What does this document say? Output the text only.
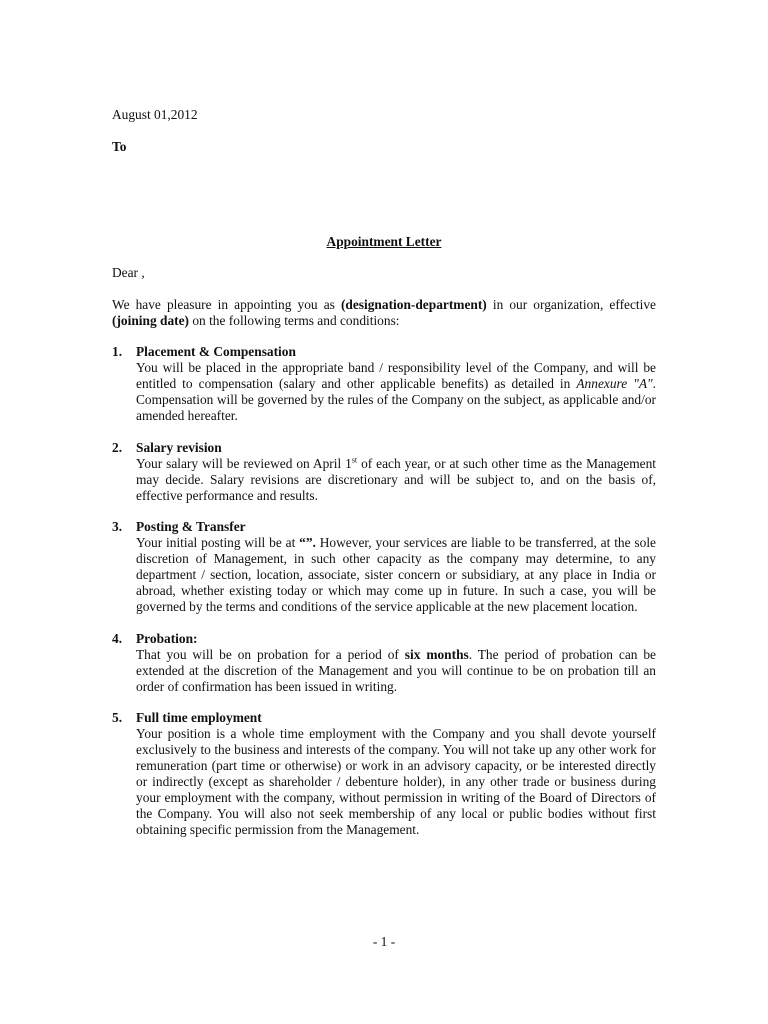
August 01,2012
To
Appointment Letter
Dear ,
We have pleasure in appointing you as (designation-department) in our organization, effective (joining date) on the following terms and conditions:
1. Placement & Compensation
You will be placed in the appropriate band / responsibility level of the Company, and will be entitled to compensation (salary and other applicable benefits) as detailed in Annexure "A". Compensation will be governed by the rules of the Company on the subject, as applicable and/or amended hereafter.
2. Salary revision
Your salary will be reviewed on April 1st of each year, or at such other time as the Management may decide. Salary revisions are discretionary and will be subject to, and on the basis of, effective performance and results.
3. Posting & Transfer
Your initial posting will be at “”. However, your services are liable to be transferred, at the sole discretion of Management, in such other capacity as the company may determine, to any department / section, location, associate, sister concern or subsidiary, at any place in India or abroad, whether existing today or which may come up in future. In such a case, you will be governed by the terms and conditions of the service applicable at the new placement location.
4. Probation:
That you will be on probation for a period of six months. The period of probation can be extended at the discretion of the Management and you will continue to be on probation till an order of confirmation has been issued in writing.
5. Full time employment
Your position is a whole time employment with the Company and you shall devote yourself exclusively to the business and interests of the company. You will not take up any other work for remuneration (part time or otherwise) or work in an advisory capacity, or be interested directly or indirectly (except as shareholder / debenture holder), in any other trade or business during your employment with the company, without permission in writing of the Board of Directors of the Company. You will also not seek membership of any local or public bodies without first obtaining specific permission from the Management.
- 1 -
